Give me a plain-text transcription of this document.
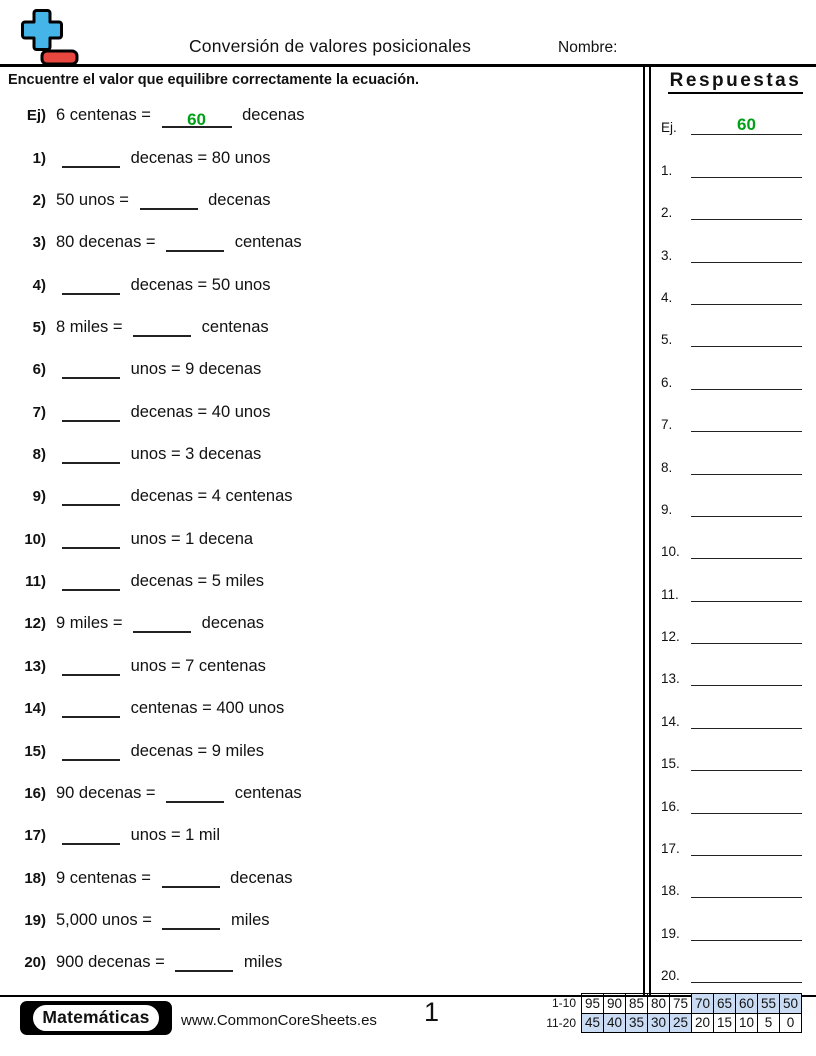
Conversión de valores posicionales	Nombre:
Encuentre el valor que equilibre correctamente la ecuación.
Ej) 6 centenas =	60	decenas
1)	decenas = 80 unos
2) 50 unos =	decenas
3) 80 decenas =	centenas
4)	decenas = 50 unos
5) 8 miles =	centenas
6)	unos = 9 decenas
7)	decenas = 40 unos
8)	unos = 3 decenas
9)	decenas = 4 centenas
10)	unos = 1 decena
11)	decenas = 5 miles
12) 9 miles =	decenas
13)	unos = 7 centenas
14)	centenas = 400 unos
15)	decenas = 9 miles
16) 90 decenas =	centenas
17)	unos = 1 mil
18) 9 centenas =	decenas
19) 5,000 unos =	miles
20) 900 decenas =	miles
Respuestas
Ej.	60
1.
2.
3.
4.
5.
6.
7.
8.
9.
10.
11.
12.
13.
14.
15.
16.
17.
18.
19.
20.
Matemáticas	www.CommonCoreSheets.es 1	1-10	95	90	85	80	75	70	65	60	55	50
11-20	45	40	35	30	25	20	15	10	5	0
